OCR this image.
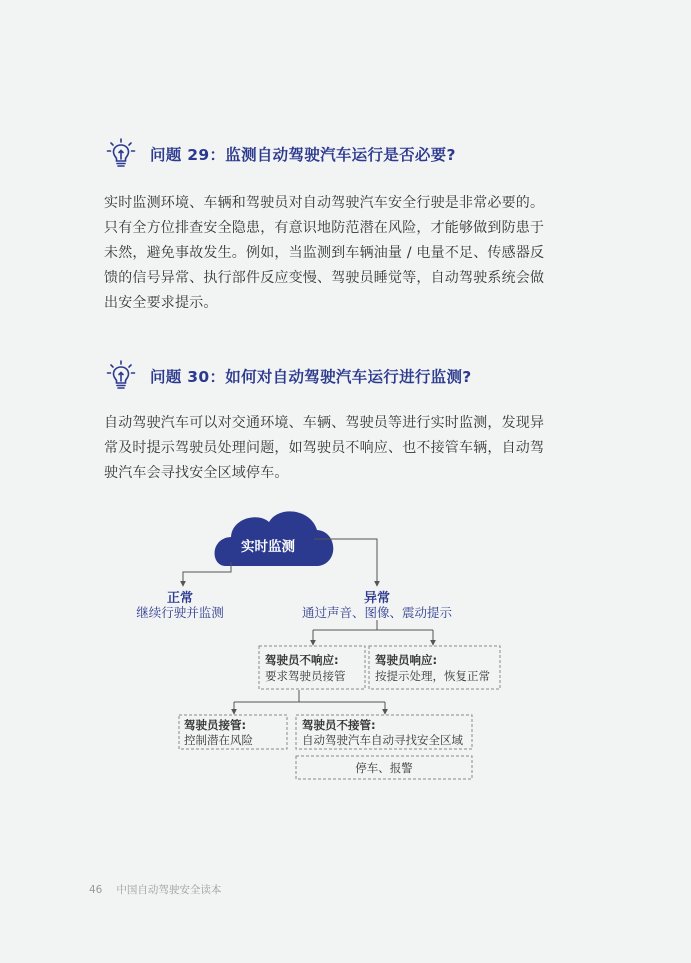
问题 29：监测自动驾驶汽车运行是否必要?

实时监测环境、车辆和驾驶员对自动驾驶汽车安全行驶是非常必要的。
只有全方位排查安全隐患，有意识地防范潜在风险，才能够做到防患于
未然，避免事故发生。例如，当监测到车辆油量 / 电量不足、传感器反
馈的信号异常、执行部件反应变慢、驾驶员睡觉等，自动驾驶系统会做
出安全要求提示。

问题 30：如何对自动驾驶汽车运行进行监测?

自动驾驶汽车可以对交通环境、车辆、驾驶员等进行实时监测，发现异
常及时提示驾驶员处理问题，如驾驶员不响应、也不接管车辆，自动驾
驶汽车会寻找安全区域停车。

实时监测
正常
继续行驶并监测
异常
通过声音、图像、震动提示
驾驶员不响应:
要求驾驶员接管
驾驶员响应:
按提示处理，恢复正常
驾驶员接管:
控制潜在风险
驾驶员不接管:
自动驾驶汽车自动寻找安全区域
停车、报警
46 中国自动驾驶安全读本
